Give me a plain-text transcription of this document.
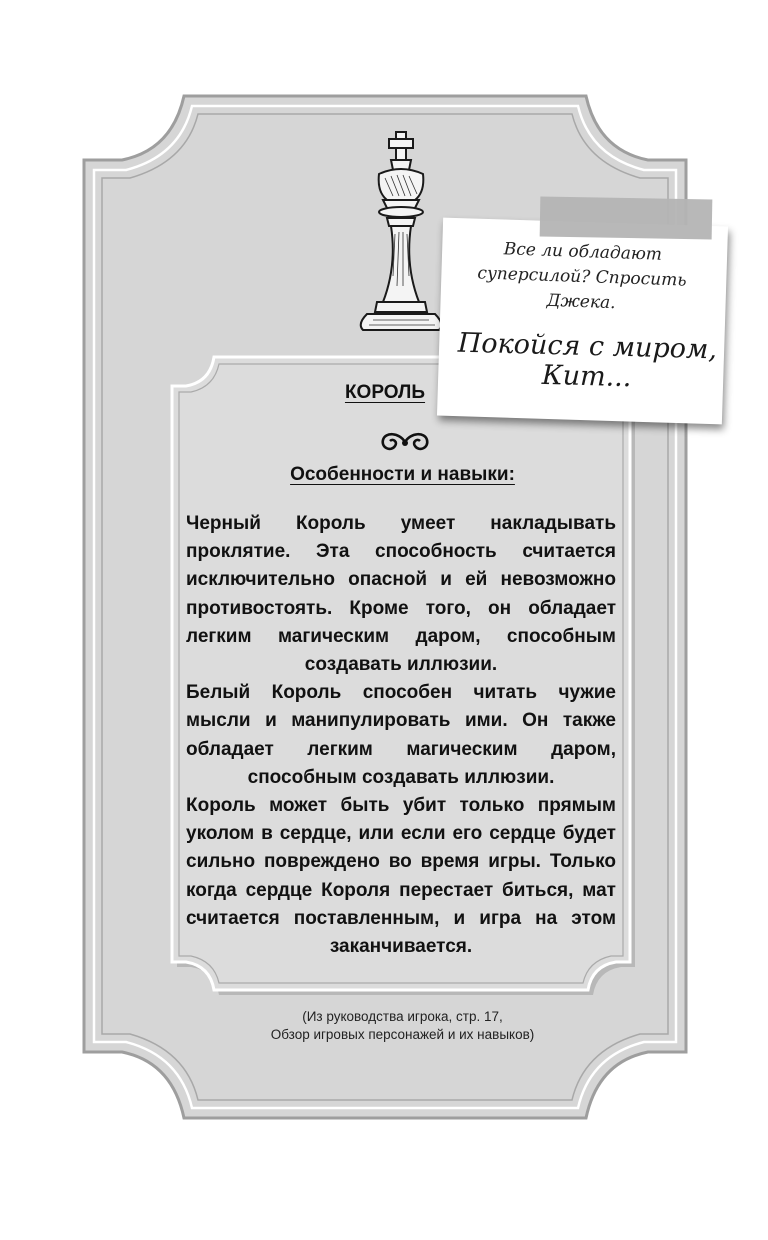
КОРОЛЬ
Особенности и навыки:

Черный Король умеет накладывать проклятие. Эта способность считается исключительно опасной и ей невозможно противостоять. Кроме того, он обладает легким магическим даром, способным создавать иллюзии.

Белый Король способен читать чужие мысли и манипулировать ими. Он также обладает легким магическим даром, способным создавать иллюзии.

Король может быть убит только прямым уколом в сердце, или если его сердце будет сильно повреждено во время игры. Только когда сердце Короля перестает биться, мат считается поставленным, и игра на этом заканчивается.

(Из руководства игрока, стр. 17,
Обзор игровых персонажей и их навыков)
Все ли обладают суперсилой? Спросить Джека.
Покойся с миром,
Кит...
